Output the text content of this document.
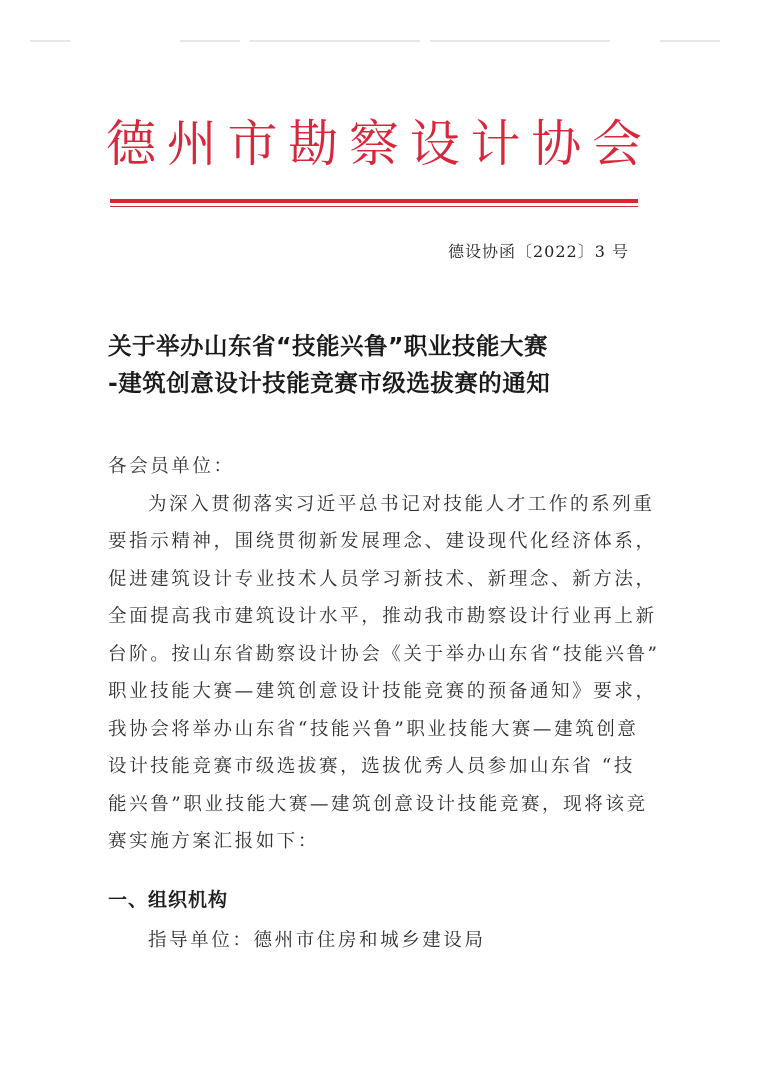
德 州 市 勘 察 设 计 协 会
德设协函〔2022〕3 号
关于举办山东省“技能兴鲁”职业技能大赛
-建筑创意设计技能竞赛市级选拔赛的通知
各会员单位：
为深入贯彻落实习近平总书记对技能人才工作的系列重
要指示精神，围绕贯彻新发展理念、建设现代化经济体系，
促进建筑设计专业技术人员学习新技术、新理念、新方法，
全面提高我市建筑设计水平，推动我市勘察设计行业再上新
台阶。按山东省勘察设计协会《关于举办山东省“技能兴鲁”
职业技能大赛—建筑创意设计技能竞赛的预备通知》要求，
我协会将举办山东省“技能兴鲁”职业技能大赛—建筑创意
设计技能竞赛市级选拔赛，选拔优秀人员参加山东省 “技
能兴鲁”职业技能大赛—建筑创意设计技能竞赛，现将该竞
赛实施方案汇报如下：
一、组织机构
指导单位：德州市住房和城乡建设局
